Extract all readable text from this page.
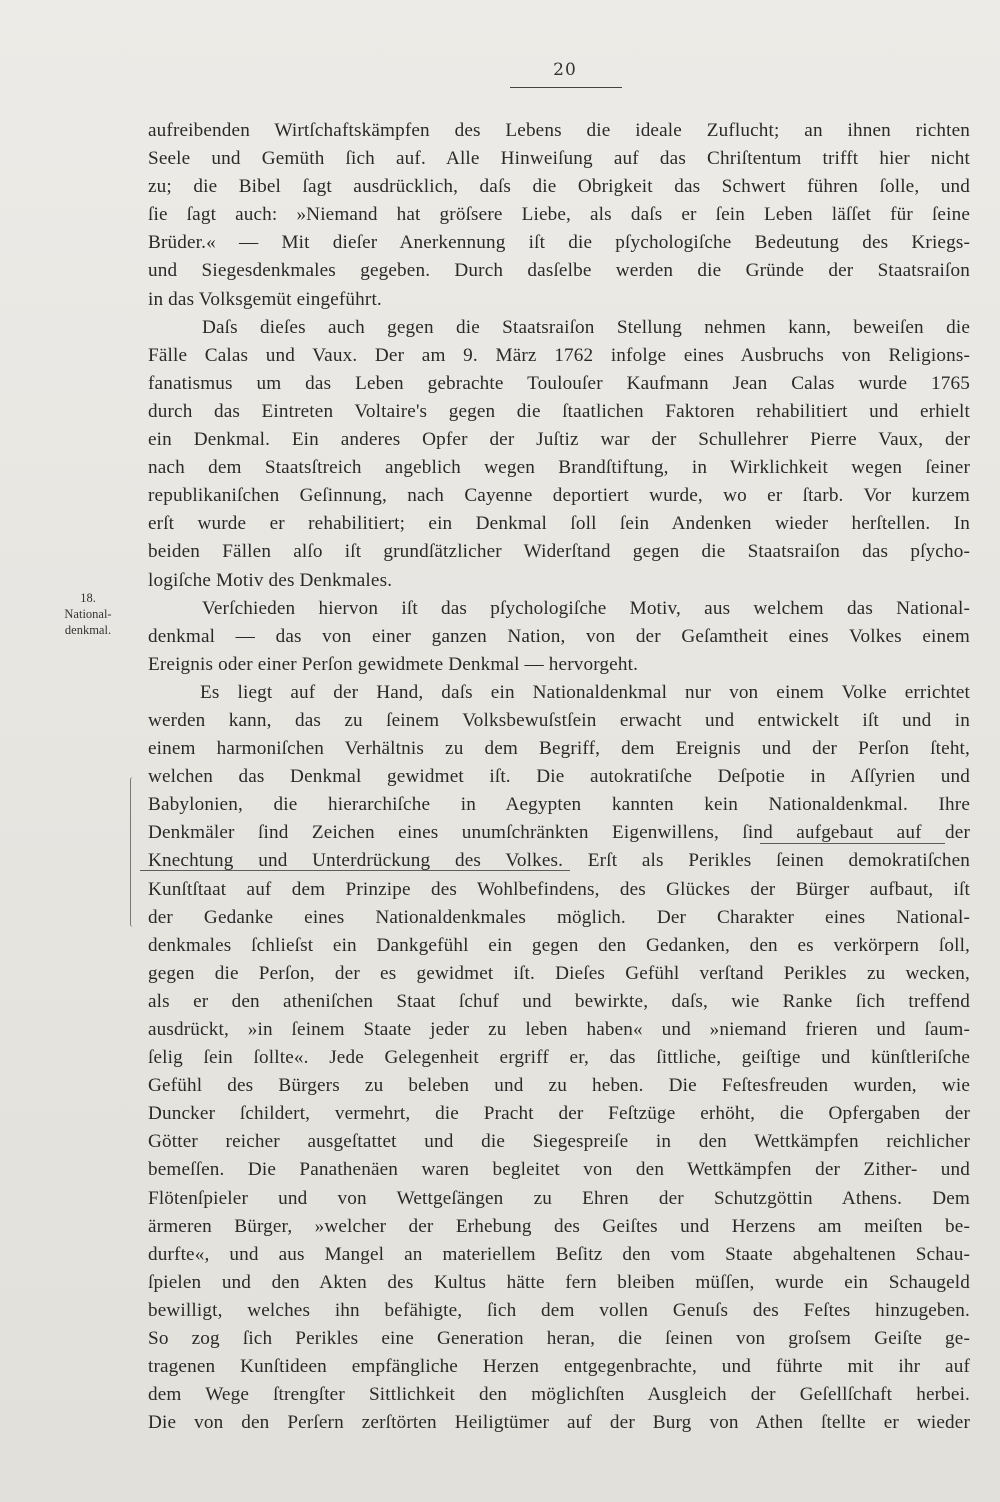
20
18.
National-
denkmal.
aufreibenden Wirtſchaftskämpfen des Lebens die ideale Zuflucht; an ihnen richten
Seele und Gemüth ſich auf. Alle Hinweiſung auf das Chriſtentum trifft hier nicht
zu; die Bibel ſagt ausdrücklich, daſs die Obrigkeit das Schwert führen ſolle, und
ſie ſagt auch: »Niemand hat gröſsere Liebe, als daſs er ſein Leben läſſet für ſeine
Brüder.« — Mit dieſer Anerkennung iſt die pſychologiſche Bedeutung des Kriegs-
und Siegesdenkmales gegeben. Durch dasſelbe werden die Gründe der Staatsraiſon
in das Volksgemüt eingeführt.
Daſs dieſes auch gegen die Staatsraiſon Stellung nehmen kann, beweiſen die
Fälle Calas und Vaux. Der am 9. März 1762 infolge eines Ausbruchs von Religions-
fanatismus um das Leben gebrachte Toulouſer Kaufmann Jean Calas wurde 1765
durch das Eintreten Voltaire's gegen die ſtaatlichen Faktoren rehabilitiert und erhielt
ein Denkmal. Ein anderes Opfer der Juſtiz war der Schullehrer Pierre Vaux, der
nach dem Staatsſtreich angeblich wegen Brandſtiftung, in Wirklichkeit wegen ſeiner
republikaniſchen Geſinnung, nach Cayenne deportiert wurde, wo er ſtarb. Vor kurzem
erſt wurde er rehabilitiert; ein Denkmal ſoll ſein Andenken wieder herſtellen. In
beiden Fällen alſo iſt grundſätzlicher Widerſtand gegen die Staatsraiſon das pſycho-
logiſche Motiv des Denkmales.
Verſchieden hiervon iſt das pſychologiſche Motiv, aus welchem das National-
denkmal — das von einer ganzen Nation, von der Geſamtheit eines Volkes einem
Ereignis oder einer Perſon gewidmete Denkmal — hervorgeht.
Es liegt auf der Hand, daſs ein Nationaldenkmal nur von einem Volke errichtet
werden kann, das zu ſeinem Volksbewuſstſein erwacht und entwickelt iſt und in
einem harmoniſchen Verhältnis zu dem Begriff, dem Ereignis und der Perſon ſteht,
welchen das Denkmal gewidmet iſt. Die autokratiſche Deſpotie in Aſſyrien und
Babylonien, die hierarchiſche in Aegypten kannten kein Nationaldenkmal. Ihre
Denkmäler ſind Zeichen eines unumſchränkten Eigenwillens, ſind aufgebaut auf der
Knechtung und Unterdrückung des Volkes. Erſt als Perikles ſeinen demokratiſchen
Kunſtſtaat auf dem Prinzipe des Wohlbefindens, des Glückes der Bürger aufbaut, iſt
der Gedanke eines Nationaldenkmales möglich. Der Charakter eines National-
denkmales ſchlieſst ein Dankgefühl ein gegen den Gedanken, den es verkörpern ſoll,
gegen die Perſon, der es gewidmet iſt. Dieſes Gefühl verſtand Perikles zu wecken,
als er den atheniſchen Staat ſchuf und bewirkte, daſs, wie Ranke ſich treffend
ausdrückt, »in ſeinem Staate jeder zu leben haben« und »niemand frieren und ſaum-
ſelig ſein ſollte«. Jede Gelegenheit ergriff er, das ſittliche, geiſtige und künſtleriſche
Gefühl des Bürgers zu beleben und zu heben. Die Feſtesfreuden wurden, wie
Duncker ſchildert, vermehrt, die Pracht der Feſtzüge erhöht, die Opfergaben der
Götter reicher ausgeſtattet und die Siegespreiſe in den Wettkämpfen reichlicher
bemeſſen. Die Panathenäen waren begleitet von den Wettkämpfen der Zither- und
Flötenſpieler und von Wettgeſängen zu Ehren der Schutzgöttin Athens. Dem
ärmeren Bürger, »welcher der Erhebung des Geiſtes und Herzens am meiſten be-
durfte«, und aus Mangel an materiellem Beſitz den vom Staate abgehaltenen Schau-
ſpielen und den Akten des Kultus hätte fern bleiben müſſen, wurde ein Schaugeld
bewilligt, welches ihn befähigte, ſich dem vollen Genuſs des Feſtes hinzugeben.
So zog ſich Perikles eine Generation heran, die ſeinen von groſsem Geiſte ge-
tragenen Kunſtideen empfängliche Herzen entgegenbrachte, und führte mit ihr auf
dem Wege ſtrengſter Sittlichkeit den möglichſten Ausgleich der Geſellſchaft herbei.
Die von den Perſern zerſtörten Heiligtümer auf der Burg von Athen ſtellte er wieder
